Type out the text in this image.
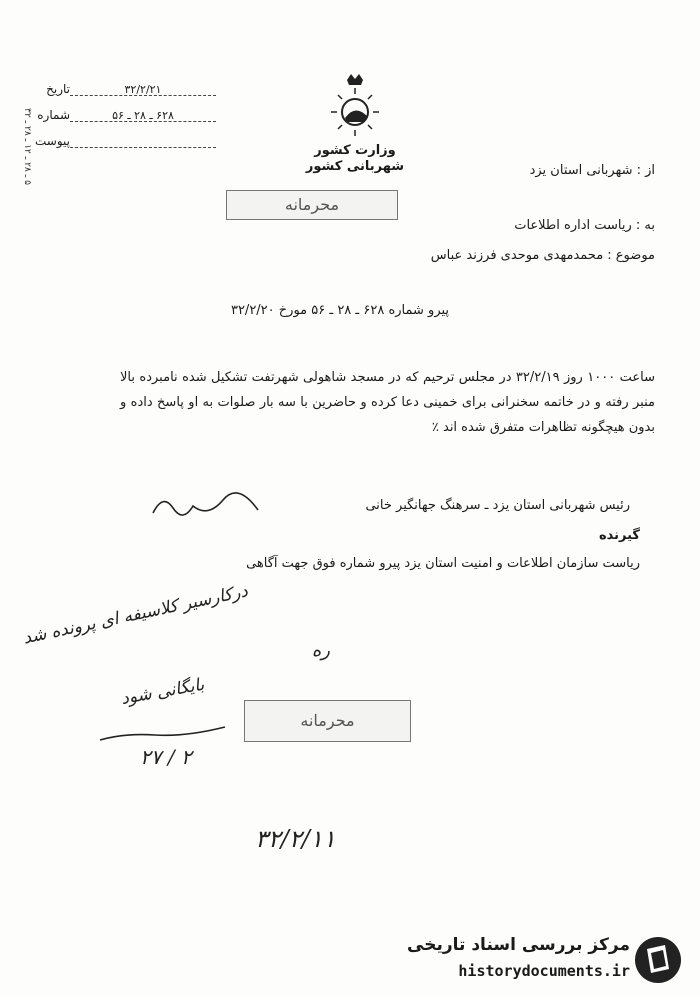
۵ ـ ۲۸ ـ ۱۲ ـ ۲۸ ـ ۳۲
تاریخ	۳۲/۲/۲۱
شماره	۶۲۸ ـ ۲۸ ـ ۵۶
پیوست
وزارت کشور
شهربانی کشور
محرمانه
از : شهربانی استان یزد
به : ریاست اداره اطلاعات
موضوع : محمدمهدی موحدی فرزند عباس
پیرو شماره ۶۲۸ ـ ۲۸ ـ ۵۶ مورخ ۳۲/۲/۲۰
ساعت ۱۰۰۰ روز ۳۲/۲/۱۹ در مجلس ترحیم که در مسجد شاهولی شهرتفت تشکیل شده نامبرده بالا منبر رفته و در خاتمه سخنرانی برای خمینی دعا کرده و حاضرین با سه بار صلوات به او پاسخ داده و بدون هیچگونه تظاهرات متفرق شده اند ٪
رئیس شهربانی استان یزد ـ سرهنگ جهانگیر خانی
گیرنده
ریاست سازمان اطلاعات و امنیت استان یزد پیرو شماره فوق جهت آگاهی
درکارسیر کلاسیفه ای پرونده شد
ره
بایگانی شود
۲۷ / ۲
محرمانه
۳۲/۲/۱۱
مرکز بررسی اسناد تاریخی
historydocuments.ir
